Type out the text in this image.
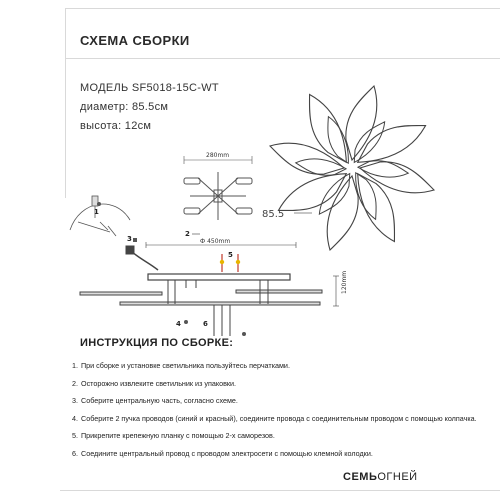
СХЕМА СБОРКИ
МОДЕЛЬ SF5018-15C-WT
диаметр: 85.5см
высота: 12см
85.5
280mm
1
2
3	Ф 450mm
120mm
5
4	6
ИНСТРУКЦИЯ ПО СБОРКЕ:
1. При сборке и установке светильника пользуйтесь перчатками.
2. Осторожно извлеките светильник из упаковки.
3. Соберите центральную часть, согласно схеме.
4. Соберите 2 пучка проводов (синий и красный), соедините провода с соединительным проводом с помощью колпачка.
5. Прикрепите крепежную планку с помощью 2-х саморезов.
6. Соедините центральный провод с проводом электросети с помощью клемной колодки.
СЕМЬОГНЕЙ
